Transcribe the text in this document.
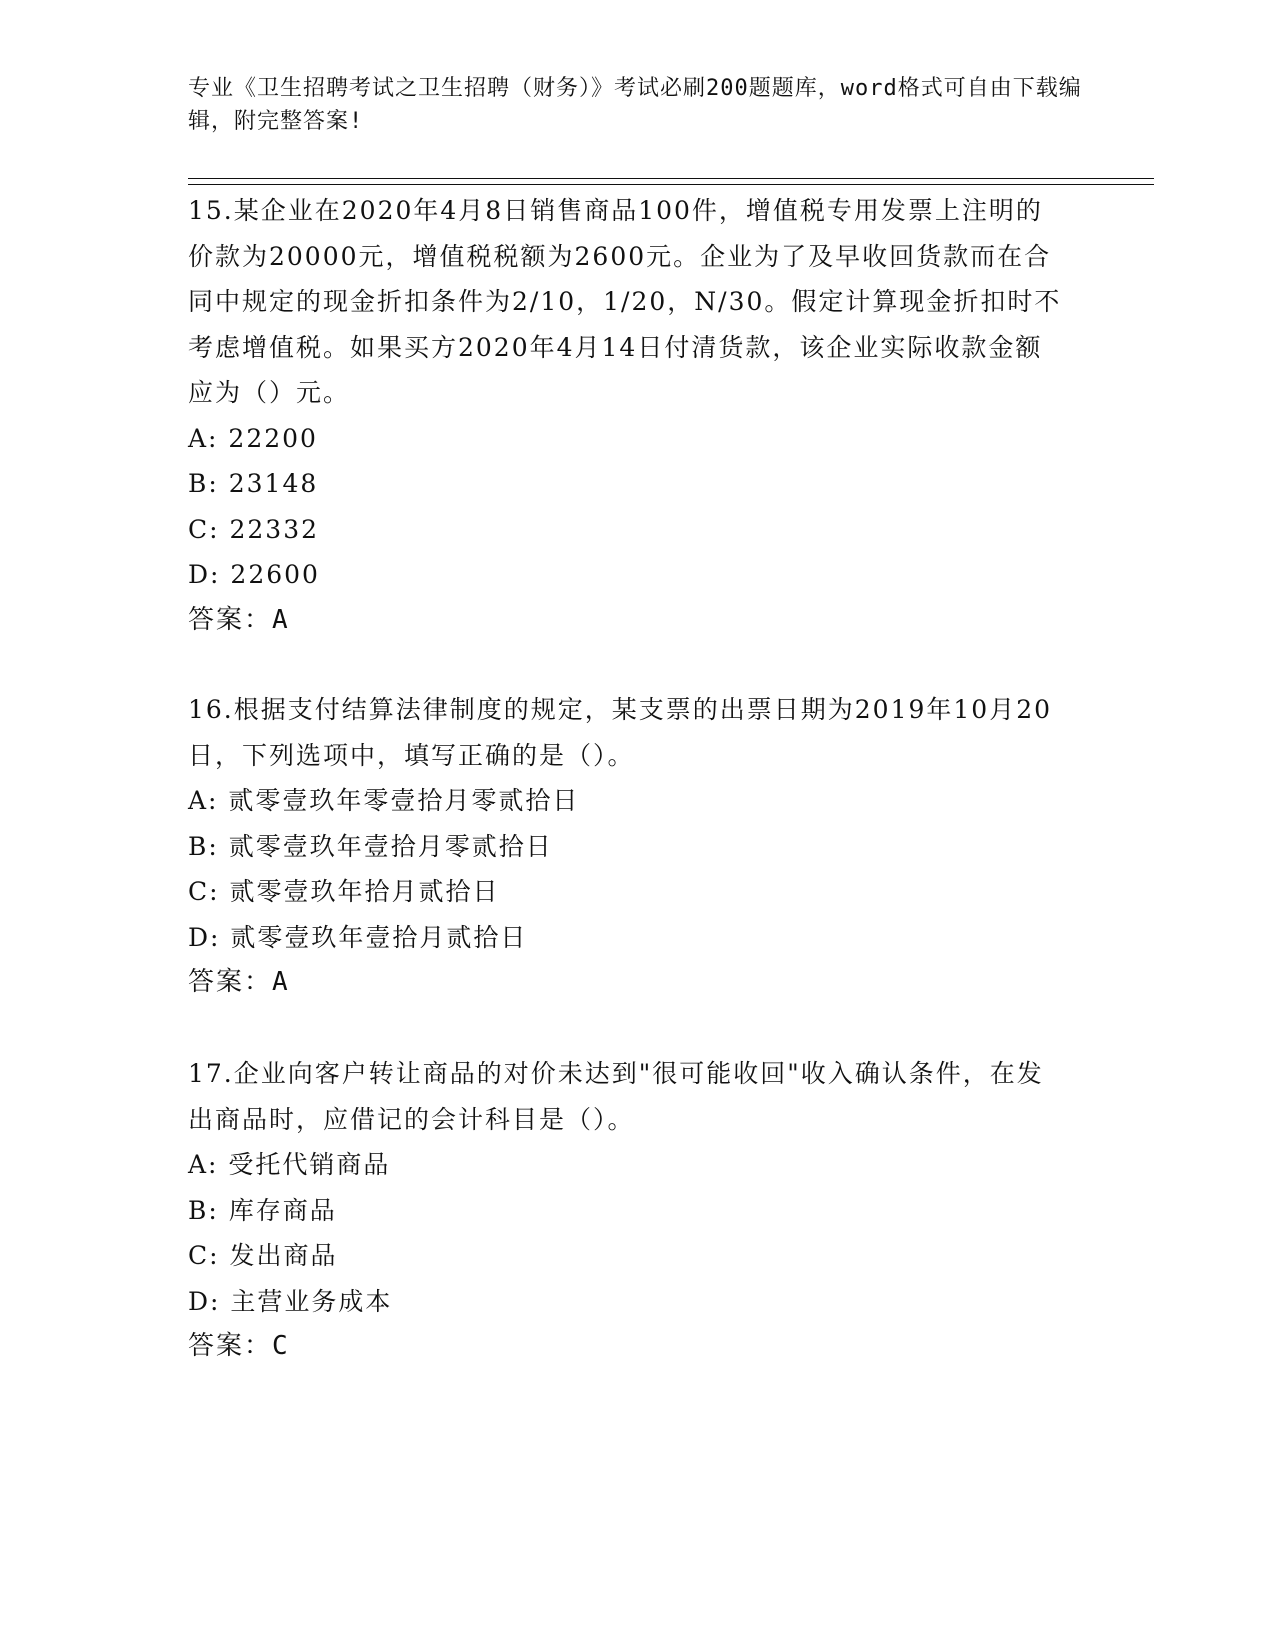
专业《卫生招聘考试之卫生招聘（财务）》考试必刷200题题库，word格式可自由下载编辑，附完整答案!

15.某企业在2020年4月8日销售商品100件，增值税专用发票上注明的价款为20000元，增值税税额为2600元。企业为了及早收回货款而在合同中规定的现金折扣条件为2/10，1/20，N/30。假定计算现金折扣时不考虑增值税。如果买方2020年4月14日付清货款，该企业实际收款金额应为（）元。

A: 22200

B: 23148

C: 22332

D: 22600

答案：A

16.根据支付结算法律制度的规定，某支票的出票日期为2019年10月20日，下列选项中，填写正确的是（）。

A: 贰零壹玖年零壹拾月零贰拾日

B: 贰零壹玖年壹拾月零贰拾日

C: 贰零壹玖年拾月贰拾日

D: 贰零壹玖年壹拾月贰拾日

答案：A

17.企业向客户转让商品的对价未达到"很可能收回"收入确认条件，在发出商品时，应借记的会计科目是（）。

A: 受托代销商品

B: 库存商品

C: 发出商品

D: 主营业务成本

答案：C
